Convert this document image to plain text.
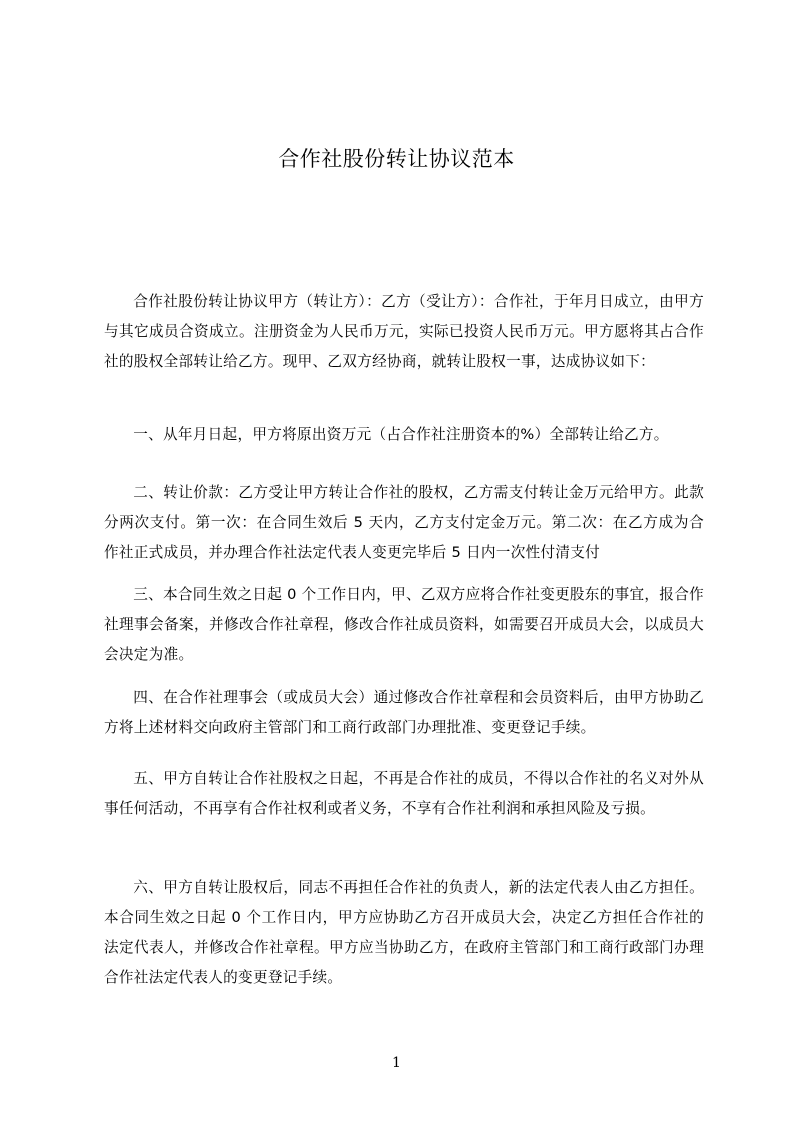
合作社股份转让协议范本

合作社股份转让协议甲方（转让方）：乙方（受让方）：合作社，于年月日成立，由甲方与其它成员合资成立。注册资金为人民币万元，实际已投资人民币万元。甲方愿将其占合作社的股权全部转让给乙方。现甲、乙双方经协商，就转让股权一事，达成协议如下：

一、从年月日起，甲方将原出资万元（占合作社注册资本的%）全部转让给乙方。

二、转让价款：乙方受让甲方转让合作社的股权，乙方需支付转让金万元给甲方。此款分两次支付。第一次：在合同生效后 5 天内，乙方支付定金万元。第二次：在乙方成为合作社正式成员，并办理合作社法定代表人变更完毕后 5 日内一次性付清支付

三、本合同生效之日起 0 个工作日内，甲、乙双方应将合作社变更股东的事宜，报合作社理事会备案，并修改合作社章程，修改合作社成员资料，如需要召开成员大会，以成员大会决定为准。

四、在合作社理事会（或成员大会）通过修改合作社章程和会员资料后，由甲方协助乙方将上述材料交向政府主管部门和工商行政部门办理批准、变更登记手续。

五、甲方自转让合作社股权之日起，不再是合作社的成员，不得以合作社的名义对外从事任何活动，不再享有合作社权利或者义务，不享有合作社利润和承担风险及亏损。

六、甲方自转让股权后，同志不再担任合作社的负责人，新的法定代表人由乙方担任。本合同生效之日起 0 个工作日内，甲方应协助乙方召开成员大会，决定乙方担任合作社的法定代表人，并修改合作社章程。甲方应当协助乙方，在政府主管部门和工商行政部门办理合作社法定代表人的变更登记手续。

1
